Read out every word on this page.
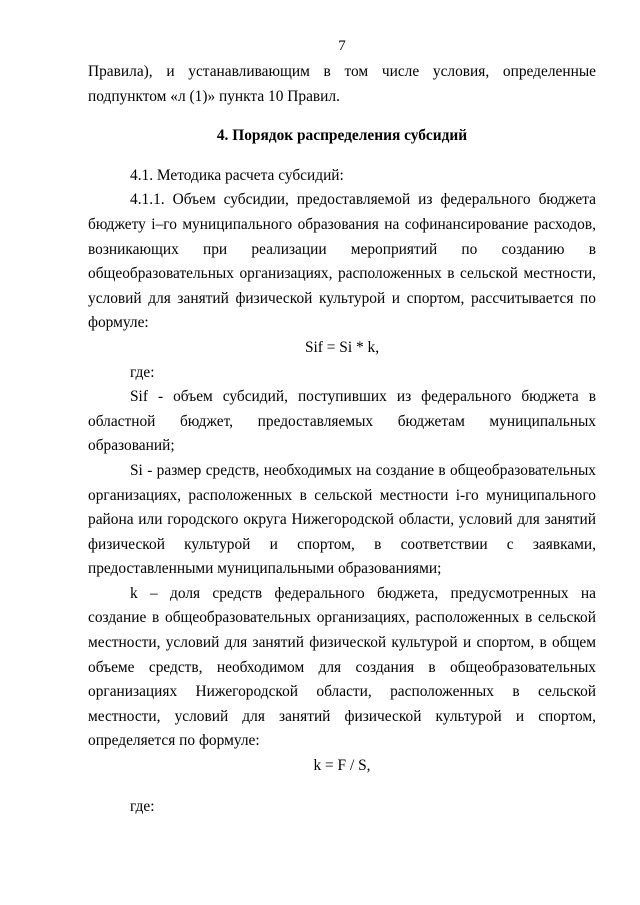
7

Правила), и устанавливающим в том числе условия, определенные подпунктом «л (1)» пункта 10 Правил.

4. Порядок распределения субсидий

4.1. Методика расчета субсидий:

4.1.1. Объем субсидии, предоставляемой из федерального бюджета бюджету i–го муниципального образования на софинансирование расходов, возникающих при реализации мероприятий по созданию в общеобразовательных организациях, расположенных в сельской местности, условий для занятий физической культурой и спортом, рассчитывается по формуле:

Sif = Si * k,

где:

Sif - объем субсидий, поступивших из федерального бюджета в областной бюджет, предоставляемых бюджетам муниципальных образований;

Si - размер средств, необходимых на создание в общеобразовательных организациях, расположенных в сельской местности i-го муниципального района или городского округа Нижегородской области, условий для занятий физической культурой и спортом, в соответствии с заявками, предоставленными муниципальными образованиями;

k – доля средств федерального бюджета, предусмотренных на создание в общеобразовательных организациях, расположенных в сельской местности, условий для занятий физической культурой и спортом, в общем объеме средств, необходимом для создания в общеобразовательных организациях Нижегородской области, расположенных в сельской местности, условий для занятий физической культурой и спортом, определяется по формуле:

k = F / S,

где:
